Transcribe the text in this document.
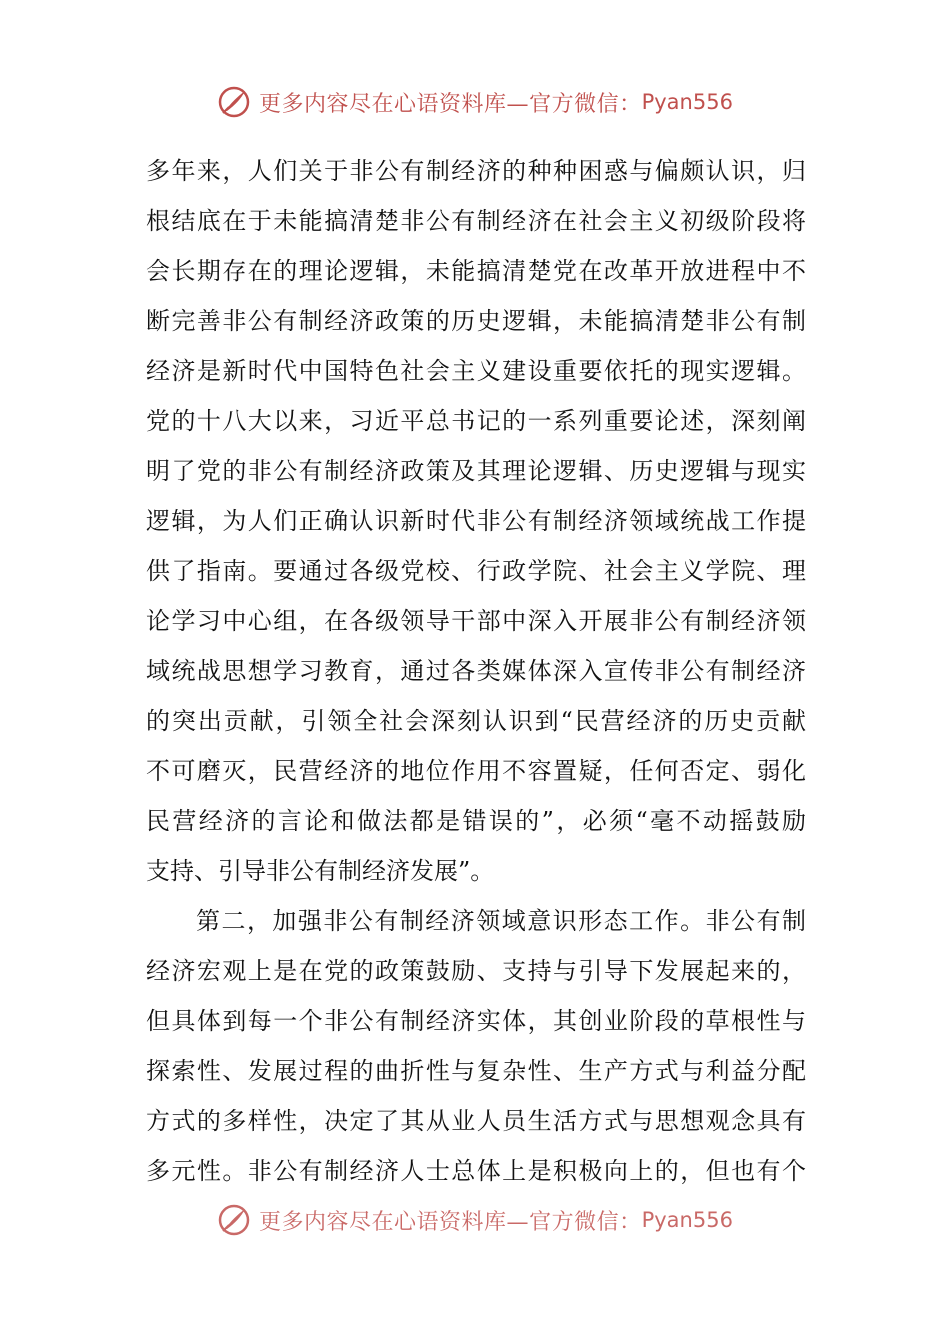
更多内容尽在心语资料库— 官方微信： Pyan556
多年来，人们关于非公有制经济的种种困惑与偏颇认识，归
根结底在于未能搞清楚非公有制经济在社会主义初级阶段将
会长期存在的理论逻辑，未能搞清楚党在改革开放进程中不
断完善非公有制经济政策的历史逻辑，未能搞清楚非公有制
经济是新时代中国特色社会主义建设重要依托的现实逻辑。
党的十八大以来，习近平总书记的一系列重要论述，深刻阐
明了党的非公有制经济政策及其理论逻辑、历史逻辑与现实
逻辑，为人们正确认识新时代非公有制经济领域统战工作提
供了指南。要通过各级党校、行政学院、社会主义学院、理
论学习中心组，在各级领导干部中深入开展非公有制经济领
域统战思想学习教育，通过各类媒体深入宣传非公有制经济
的突出贡献，引领全社会深刻认识到“民营经济的历史贡献
不可磨灭，民营经济的地位作用不容置疑，任何否定、弱化
民营经济的言论和做法都是错误的”，必须“毫不动摇鼓励
支持、引导非公有制经济发展”。
第二，加强非公有制经济领域意识形态工作。非公有制
经济宏观上是在党的政策鼓励、支持与引导下发展起来的，
但具体到每一个非公有制经济实体，其创业阶段的草根性与
探索性、发展过程的曲折性与复杂性、生产方式与利益分配
方式的多样性，决定了其从业人员生活方式与思想观念具有
多元性。非公有制经济人士总体上是积极向上的，但也有个
更多内容尽在心语资料库— 官方微信： Pyan556
